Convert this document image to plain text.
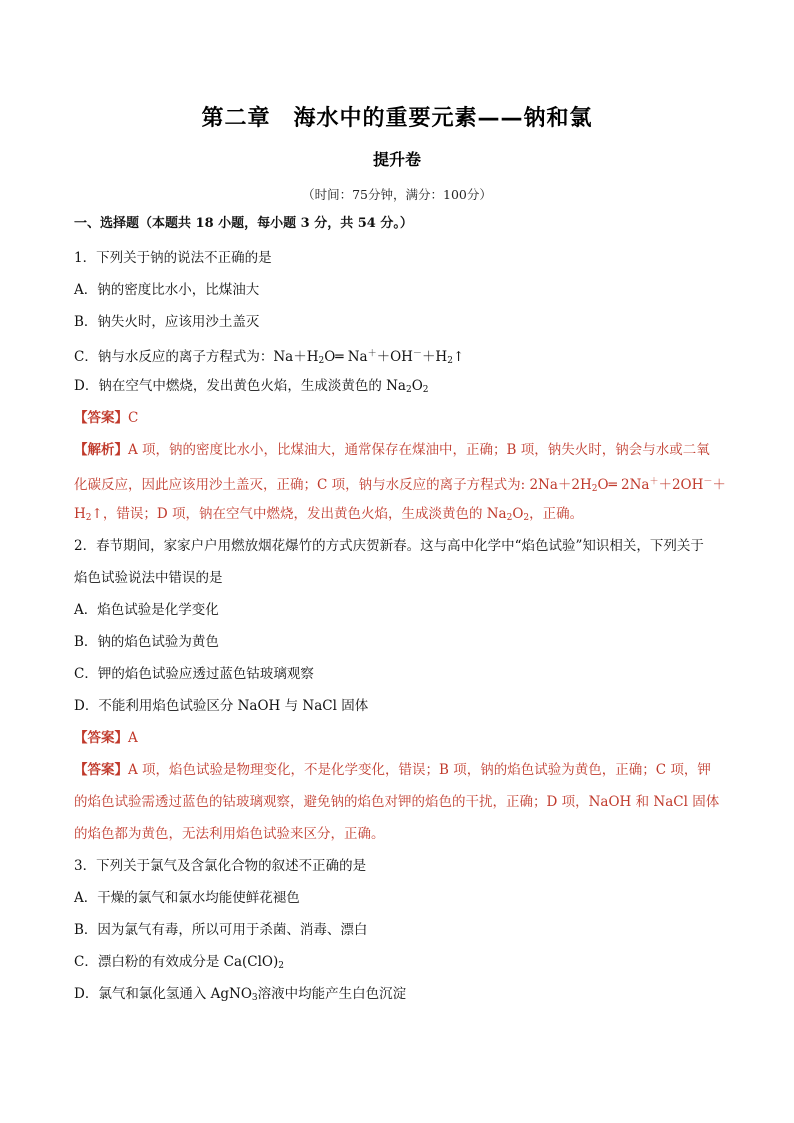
第二章　海水中的重要元素——钠和氯
提升卷
（时间：75分钟，满分：100分）
一、选择题（本题共 18 小题，每小题 3 分，共 54 分。）
1．下列关于钠的说法不正确的是
A．钠的密度比水小，比煤油大
B．钠失火时，应该用沙土盖灭
C．钠与水反应的离子方程式为：$Na+H_2O═$ $Na^++OH^-+H_2↑$
D．钠在空气中燃烧，发出黄色火焰，生成淡黄色的 $Na_2O_2$
【答案】C
【解析】A 项，钠的密度比水小，比煤油大，通常保存在煤油中，正确；B 项，钠失火时，钠会与水或二氧
化碳反应，因此应该用沙土盖灭，正确；C 项，钠与水反应的离子方程式为: $2Na+2H_2O═$ 2Na＋＋2OH－＋
$H_2↑$，错误；D 项，钠在空气中燃烧，发出黄色火焰，生成淡黄色的 $Na_2O_2$，正确。
2．春节期间，家家户户用燃放烟花爆竹的方式庆贺新春。这与高中化学中“焰色试验”知识相关，下列关于
焰色试验说法中错误的是
A．焰色试验是化学变化
B．钠的焰色试验为黄色
C．钾的焰色试验应透过蓝色钴玻璃观察
D．不能利用焰色试验区分 NaOH 与 NaCl 固体
【答案】A
【答案】A 项，焰色试验是物理变化，不是化学变化，错误；B 项，钠的焰色试验为黄色，正确；C 项，钾
的焰色试验需透过蓝色的钴玻璃观察，避免钠的焰色对钾的焰色的干扰，正确；D 项，NaOH 和 NaCl 固体
的焰色都为黄色，无法利用焰色试验来区分，正确。
3．下列关于氯气及含氯化合物的叙述不正确的是
A．干燥的氯气和氯水均能使鲜花褪色
B．因为氯气有毒，所以可用于杀菌、消毒、漂白
C．漂白粉的有效成分是 $Ca(ClO)_2$
D．氯气和氯化氢通入 AgNO$_3$溶液中均能产生白色沉淀
